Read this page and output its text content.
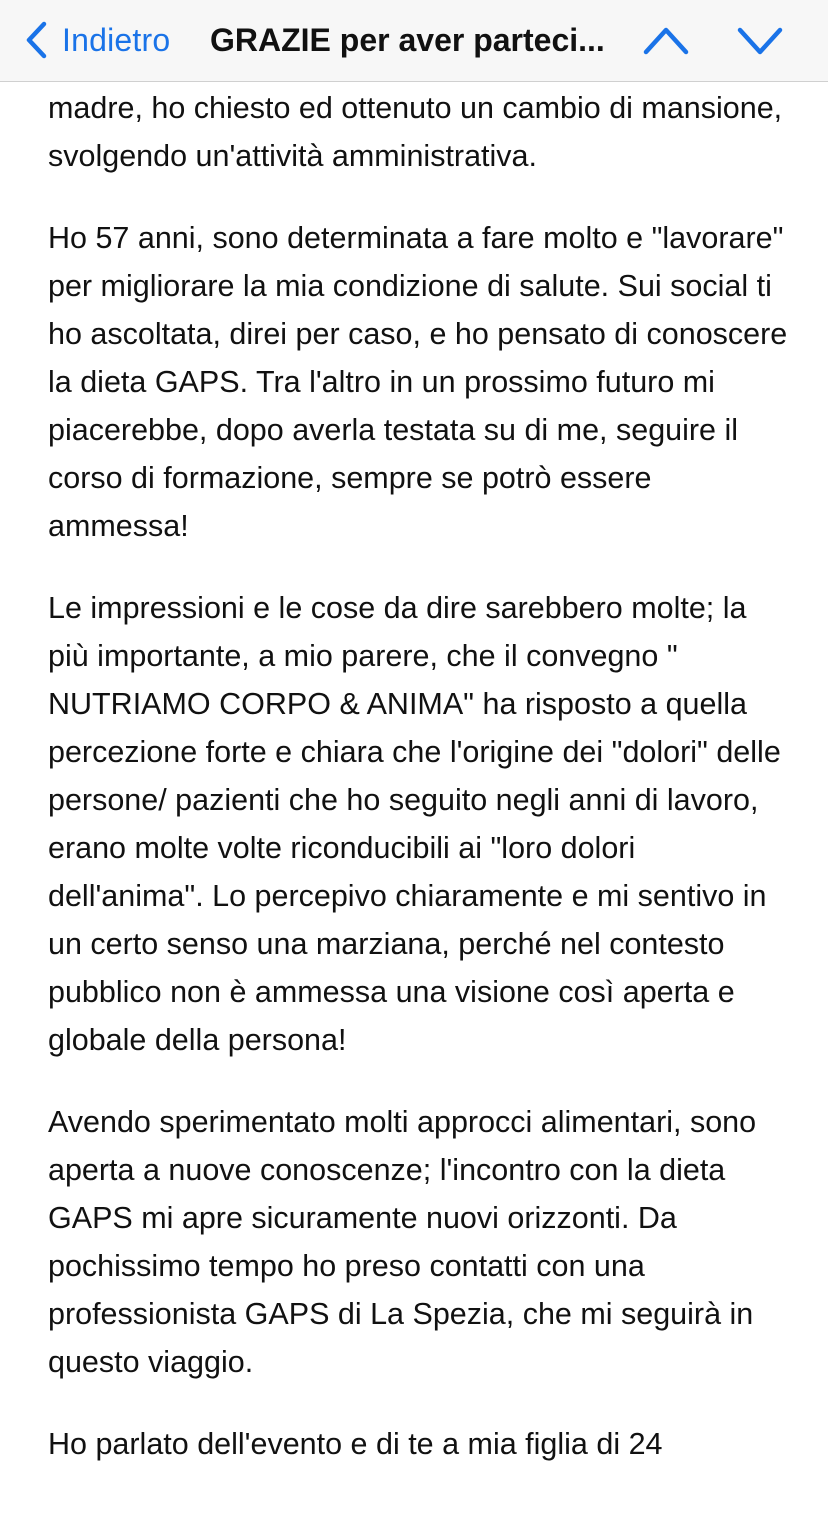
Indietro GRAZIE per aver parteci...

madre, ho chiesto ed ottenuto un cambio di mansione, svolgendo un'attività amministrativa.

Ho 57 anni, sono determinata a fare molto e "lavorare" per migliorare la mia condizione di salute. Sui social ti ho ascoltata, direi per caso, e ho pensato di conoscere la dieta GAPS. Tra l'altro in un prossimo futuro mi piacerebbe, dopo averla testata su di me, seguire il corso di formazione, sempre se potrò essere ammessa!

Le impressioni e le cose da dire sarebbero molte; la più importante, a mio parere, che il convegno " NUTRIAMO CORPO & ANIMA" ha risposto a quella percezione forte e chiara che l'origine dei "dolori" delle persone/ pazienti che ho seguito negli anni di lavoro, erano molte volte riconducibili ai "loro dolori dell'anima". Lo percepivo chiaramente e mi sentivo in un certo senso una marziana, perché nel contesto pubblico non è ammessa una visione così aperta e globale della persona!

Avendo sperimentato molti approcci alimentari, sono aperta a nuove conoscenze; l'incontro con la dieta GAPS mi apre sicuramente nuovi orizzonti. Da pochissimo tempo ho preso contatti con una professionista GAPS di La Spezia, che mi seguirà in questo viaggio.

Ho parlato dell'evento e di te a mia figlia di 24
